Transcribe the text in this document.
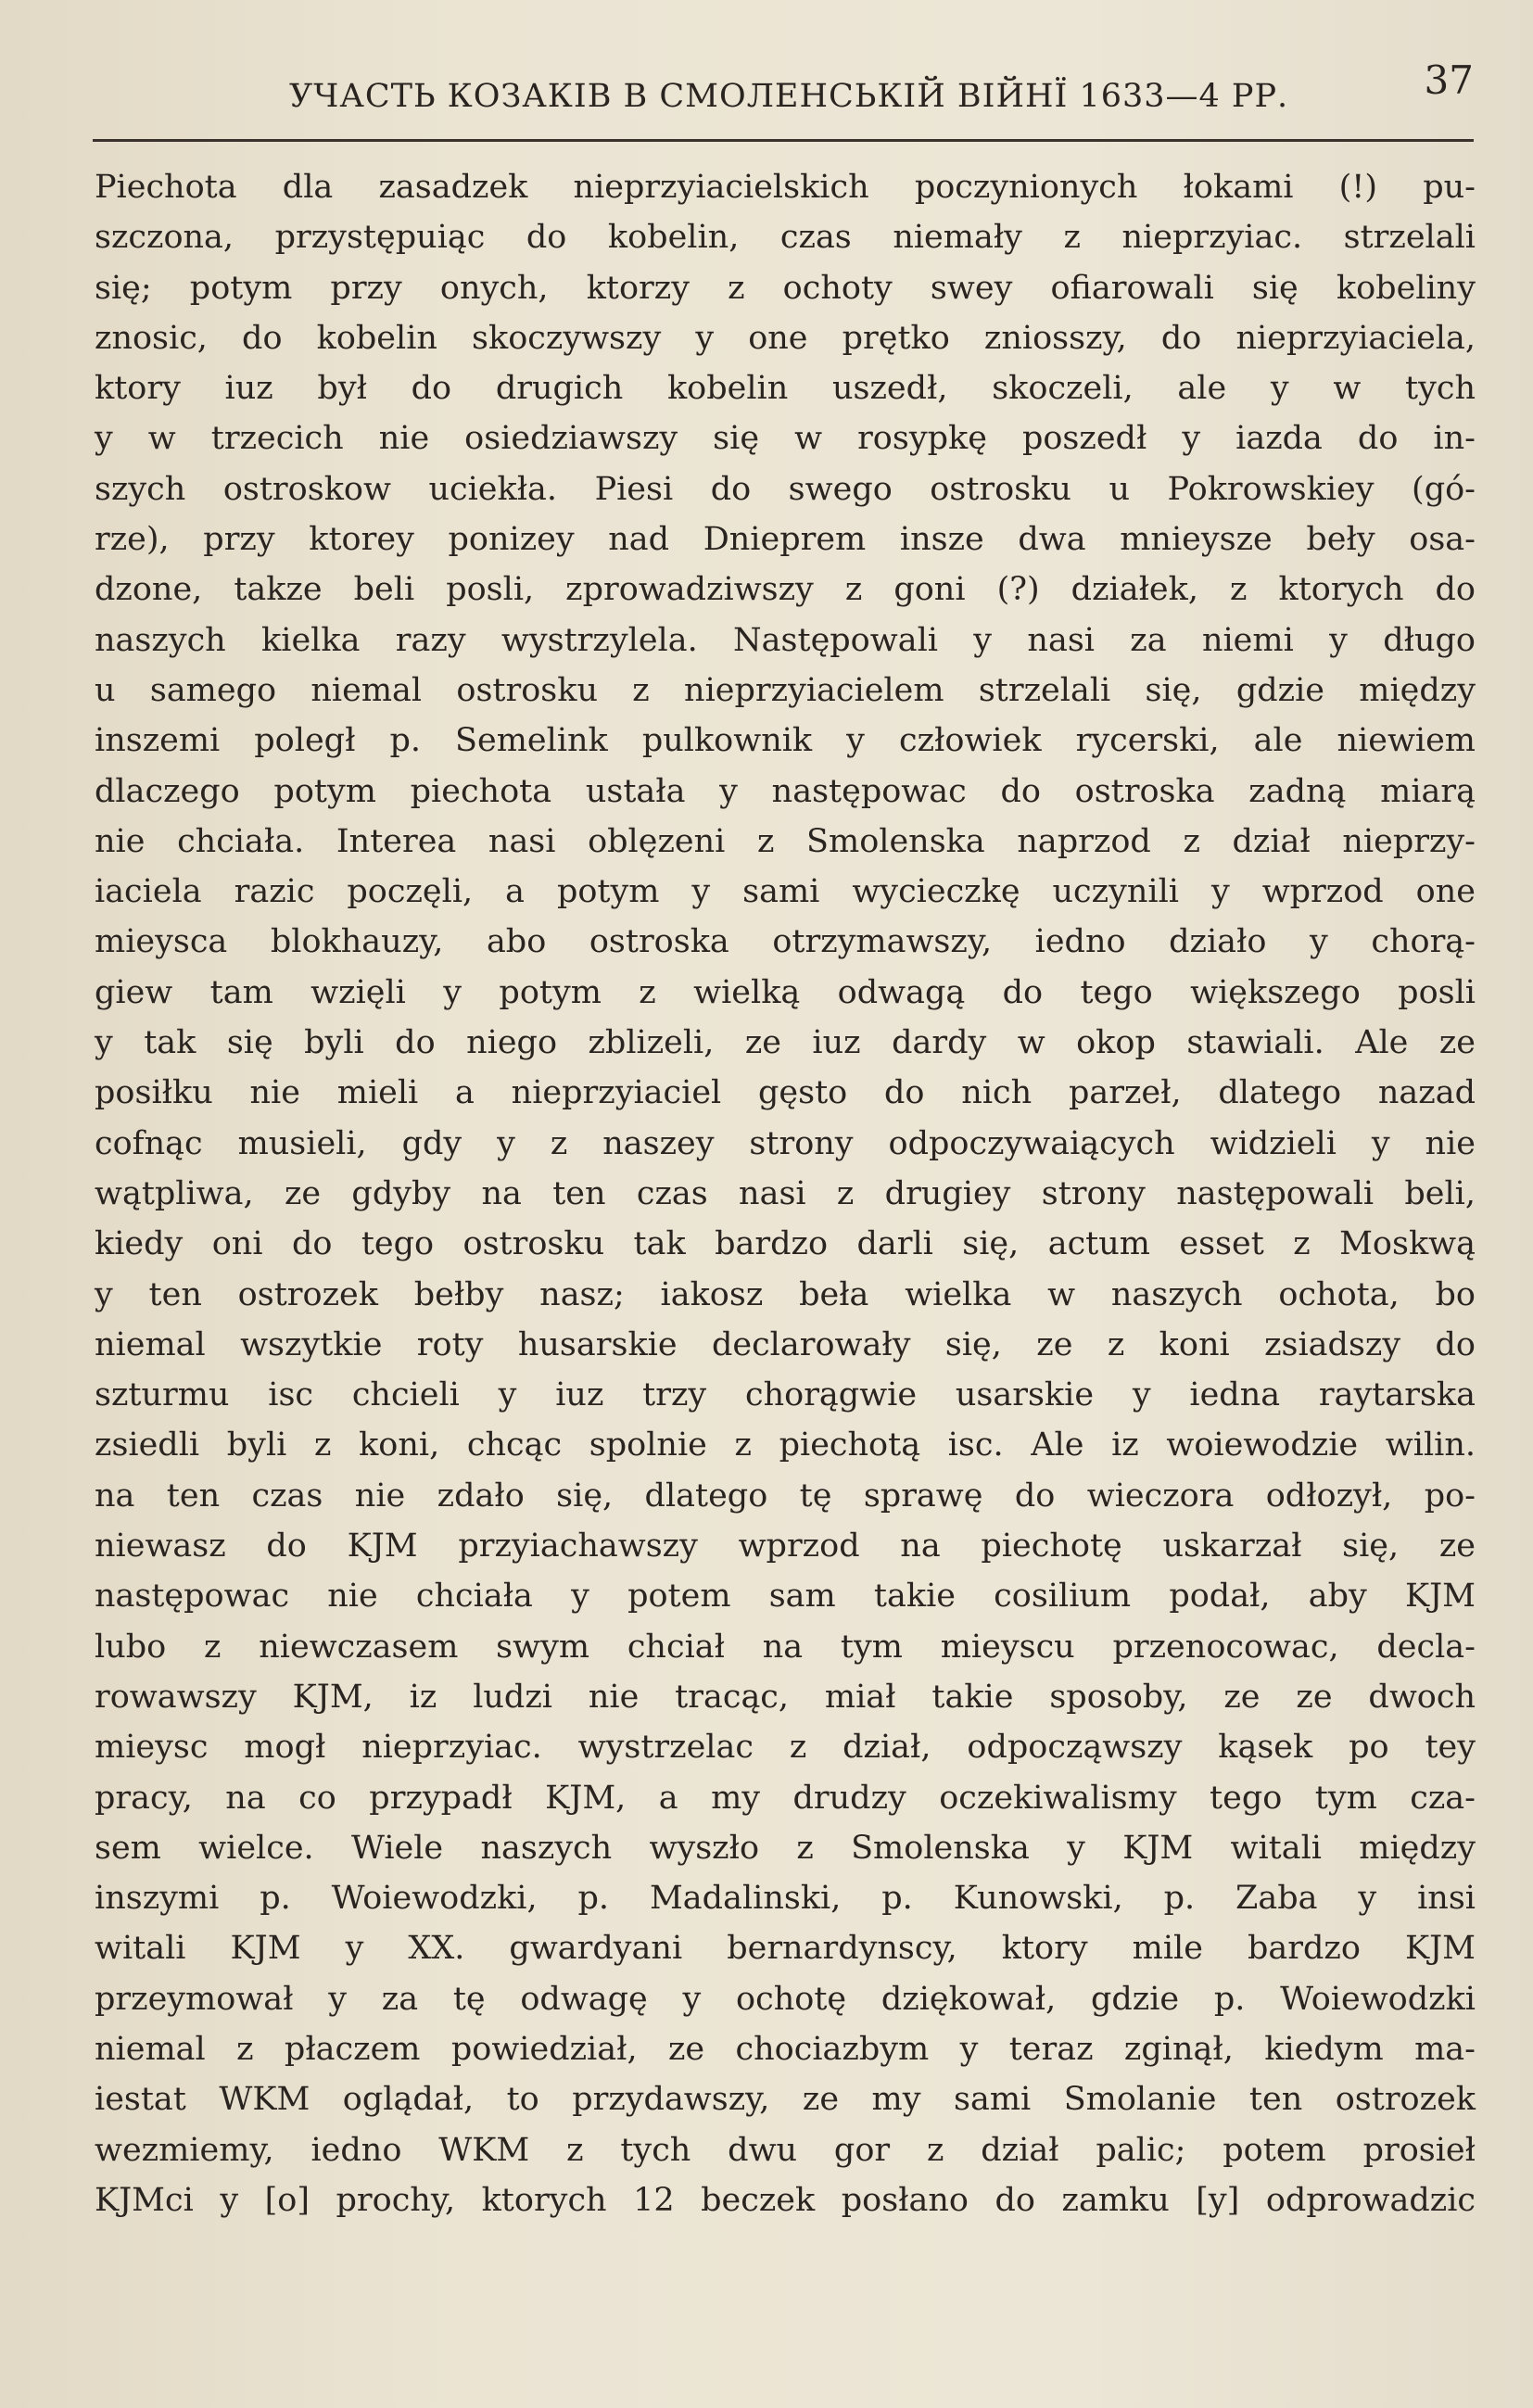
УЧАСТЬ КОЗАКІВ В СМОЛЕНСЬКІЙ ВІЙНЇ 1633—4 РР.	37
Piechota dla zasadzek nieprzyiacielskich poczynionych łokami (!) pu-
szczona, przystępuiąc do kobelin, czas niemały z nieprzyiac. strzelali
się; potym przy onych, ktorzy z ochoty swey ofiarowali się kobeliny
znosic, do kobelin skoczywszy y one prętko zniosszy, do nieprzyiaciela,
ktory iuz był do drugich kobelin uszedł, skoczeli, ale y w tych
y w trzecich nie osiedziawszy się w rosypkę poszedł y iazda do in-
szych ostroskow uciekła. Piesi do swego ostrosku u Pokrowskiey (gó-
rze), przy ktorey ponizey nad Dnieprem insze dwa mnieysze beły osa-
dzone, takze beli posli, zprowadziwszy z goni (?) działek, z ktorych do
naszych kielka razy wystrzylela. Następowali y nasi za niemi y długo
u samego niemal ostrosku z nieprzyiacielem strzelali się, gdzie między
inszemi poległ p. Semelink pulkownik y człowiek rycerski, ale niewiem
dlaczego potym piechota ustała y następowac do ostroska zadną miarą
nie chciała. Interea nasi oblęzeni z Smolenska naprzod z dział nieprzy-
iaciela razic poczęli, a potym y sami wycieczkę uczynili y wprzod one
mieysca blokhauzy, abo ostroska otrzymawszy, iedno działo y chorą-
giew tam wzięli y potym z wielką odwagą do tego większego posli
y tak się byli do niego zblizeli, ze iuz dardy w okop stawiali. Ale ze
posiłku nie mieli a nieprzyiaciel gęsto do nich parzeł, dlatego nazad
cofnąc musieli, gdy y z naszey strony odpoczywaiących widzieli y nie
wątpliwa, ze gdyby na ten czas nasi z drugiey strony następowali beli,
kiedy oni do tego ostrosku tak bardzo darli się, actum esset z Moskwą
y ten ostrozek bełby nasz; iakosz beła wielka w naszych ochota, bo
niemal wszytkie roty husarskie declarowały się, ze z koni zsiadszy do
szturmu isc chcieli y iuz trzy chorągwie usarskie y iedna raytarska
zsiedli byli z koni, chcąc spolnie z piechotą isc. Ale iz woiewodzie wilin.
na ten czas nie zdało się, dlatego tę sprawę do wieczora odłozył, po-
niewasz do KJM przyiachawszy wprzod na piechotę uskarzał się, ze
następowac nie chciała y potem sam takie cosilium podał, aby KJM
lubo z niewczasem swym chciał na tym mieyscu przenocowac, decla-
rowawszy KJM, iz ludzi nie tracąc, miał takie sposoby, ze ze dwoch
mieysc mogł nieprzyiac. wystrzelac z dział, odpocząwszy kąsek po tey
pracy, na co przypadł KJM, a my drudzy oczekiwalismy tego tym cza-
sem wielce. Wiele naszych wyszło z Smolenska y KJM witali między
inszymi p. Woiewodzki, p. Madalinski, p. Kunowski, p. Zaba y insi
witali KJM y XX. gwardyani bernardynscy, ktory mile bardzo KJM
przeymował y za tę odwagę y ochotę dziękował, gdzie p. Woiewodzki
niemal z płaczem powiedział, ze chociazbym y teraz zginął, kiedym ma-
iestat WKM oglądał, to przydawszy, ze my sami Smolanie ten ostrozek
wezmiemy, iedno WKM z tych dwu gor z dział palic; potem prosieł
KJMci y [o] prochy, ktorych 12 beczek posłano do zamku [y] odprowadzic
